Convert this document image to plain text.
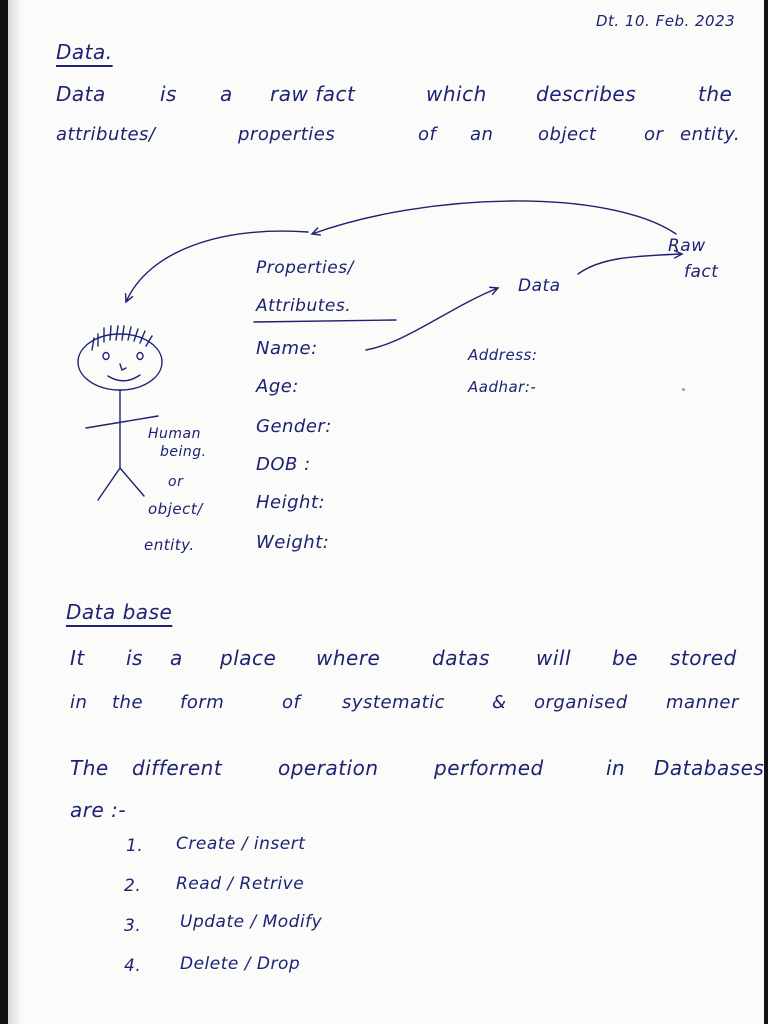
Dt. 10. Feb. 2023
Data.
Data	is a raw fact	which describes	the
attributes/	properties	of an object	or entity.
Raw
fact
Data
Properties/
Attributes.
Name:
Age:
Gender:
DOB :
Height:
Weight:
Address:
Aadhar:-
Human
being.
or
object/
entity.
Data base
It is a place where	datas will be stored
in the form	of systematic	& organised manner
The different	operation	performed	in Databases
are :-
1. Create / insert
2. Read / Retrive
3. Update / Modify
4. Delete / Drop
